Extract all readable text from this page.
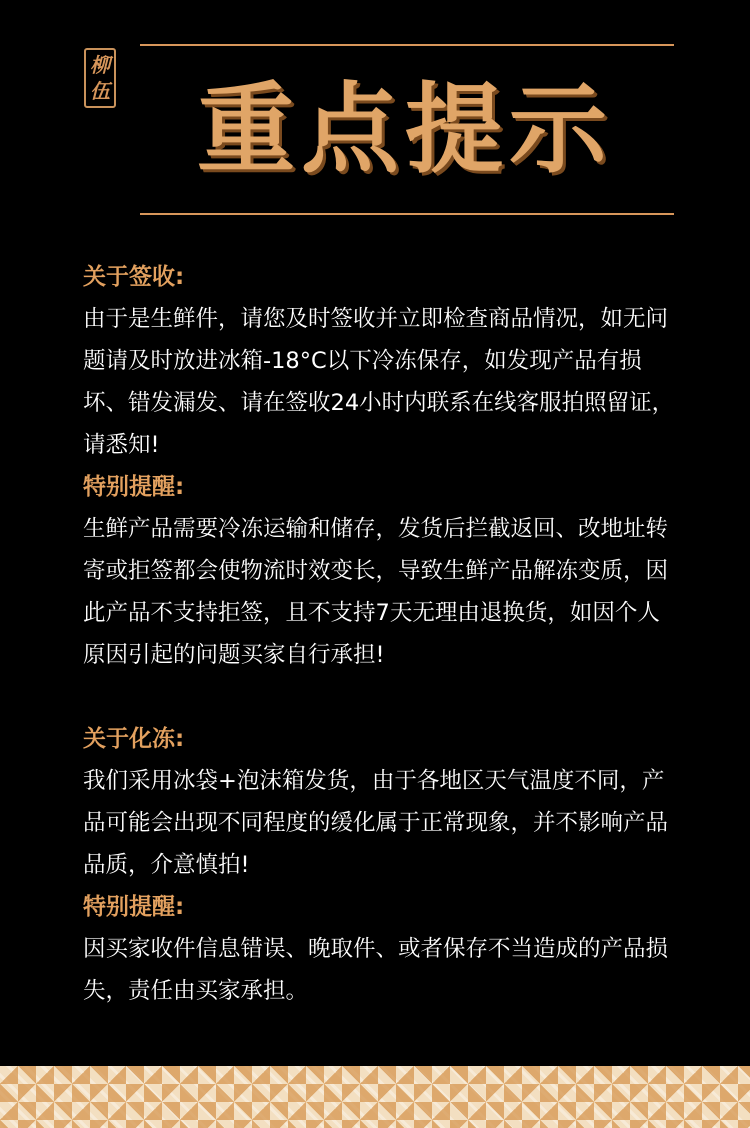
柳
伍 重点提示

关于签收:

由于是生鲜件，请您及时签收并立即检查商品情况，如无问

题请及时放进冰箱-18°C以下冷冻保存，如发现产品有损

坏、错发漏发、请在签收24小时内联系在线客服拍照留证，

请悉知!

特别提醒:

生鲜产品需要冷冻运输和储存，发货后拦截返回、改地址转

寄或拒签都会使物流时效变长，导致生鲜产品解冻变质，因

此产品不支持拒签，且不支持7天无理由退换货，如因个人

原因引起的问题买家自行承担!

关于化冻:

我们采用冰袋+泡沫箱发货，由于各地区天气温度不同，产

品可能会出现不同程度的缓化属于正常现象，并不影响产品

品质，介意慎拍!

特别提醒:

因买家收件信息错误、晚取件、或者保存不当造成的产品损

失，责任由买家承担。
